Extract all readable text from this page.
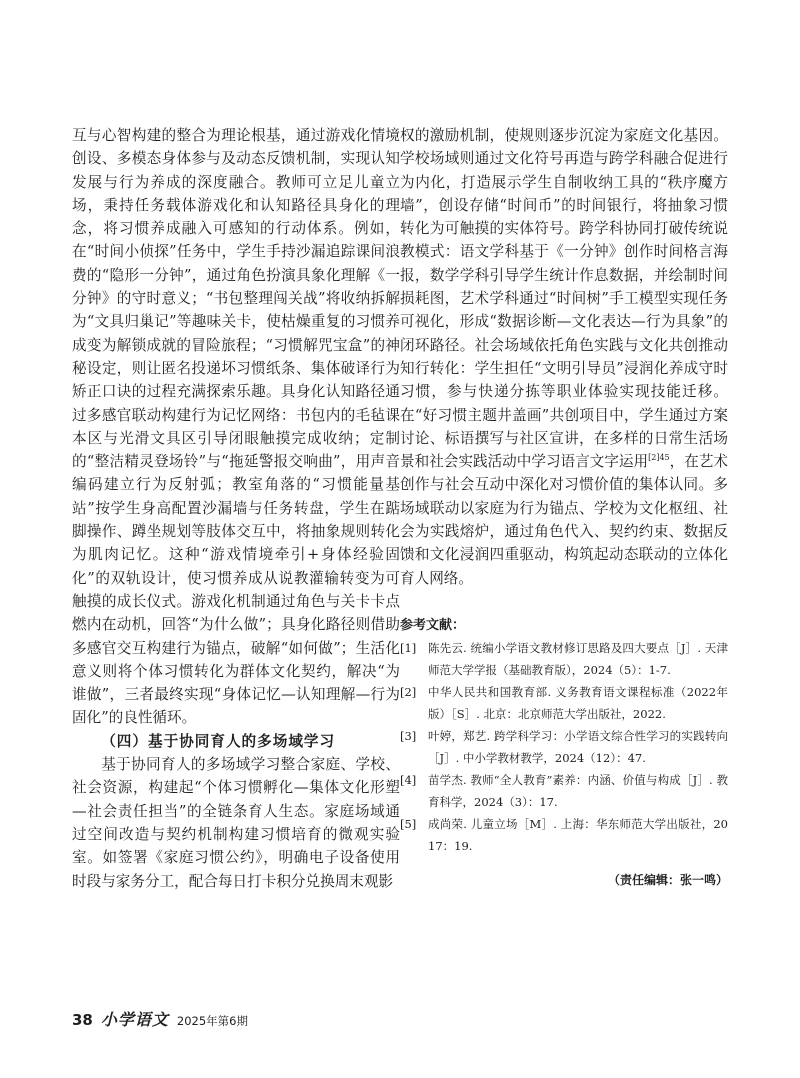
互与心智构建的整合为理论根基，通过游戏化情境创设、多模态身体参与及动态反馈机制，实现认知发展与行为养成的深度融合。教师可立足儿童立场，秉持任务载体游戏化和认知路径具身化的理念，将习惯养成融入可感知的行动体系。例如，在“时间小侦探”任务中，学生手持沙漏追踪课间浪费的“隐形一分钟”，通过角色扮演具象化理解《一分钟》的守时意义；“书包整理闯关战”将收纳拆解为“文具归巢记”等趣味关卡，使枯燥重复的习惯养成变为解锁成就的冒险旅程；“习惯解咒宝盒”的神秘设定，则让匿名投递坏习惯纸条、集体破译行为矫正口诀的过程充满探索乐趣。具身化认知路径通过多感官联动构建行为记忆网络：书包内的毛毡课本区与光滑文具区引导闭眼触摸完成收纳；定制的“整洁精灵登场铃”与“拖延警报交响曲”，用声音编码建立行为反射弧；教室角落的“习惯能量基站”按学生身高配置沙漏墙与任务转盘，学生在踮脚操作、蹲坐规划等肢体交互中，将抽象规则转化为肌肉记忆。这种“游戏情境牵引+身体经验固化”的双轨设计，使习惯养成从说教灌输转变为可触摸的成长仪式。游戏化机制通过角色与关卡卡点燃内在动机，回答“为什么做”；具身化路径则借助多感官交互构建行为锚点，破解“如何做”；生活化意义则将个体习惯转化为群体文化契约，解决“为谁做”，三者最终实现“身体记忆—认知理解—行为固化”的良性循环。

（四）基于协同育人的多场域学习

基于协同育人的多场域学习整合家庭、学校、社会资源，构建起“个体习惯孵化—集体文化形塑—社会责任担当”的全链条育人生态。家庭场域通过空间改造与契约机制构建习惯培育的微观实验室。如签署《家庭习惯公约》，明确电子设备使用时段与家务分工，配合每日打卡积分兑换周末观影

权的激励机制，使规则逐步沉淀为家庭文化基因。学校场域则通过文化符号再造与跨学科融合促进行为内化，打造展示学生自制收纳工具的“秩序魔方墙”，创设存储“时间币”的时间银行，将抽象习惯转化为可触摸的实体符号。跨学科协同打破传统说教模式：语文学科基于《一分钟》创作时间格言海报，数学学科引导学生统计作息数据，并绘制时间损耗图，艺术学科通过“时间树”手工模型实现任务可视化，形成“数据诊断—文化表达—行为具象”的闭环路径。社会场域依托角色实践与文化共创推动知行转化：学生担任“文明引导员”浸润化养成守时习惯，参与快递分拣等职业体验实现技能迁移。在“好习惯主题井盖画”共创项目中，学生通过方案讨论、标语撰写与社区宣讲，在多样的日常生活场景和社会实践活动中学习语言文字运用$^{[2]45}$，在艺术创作与社会互动中深化对习惯价值的集体认同。多场域联动以家庭为行为锚点、学校为文化枢纽、社会为实践熔炉，通过角色代入、契约约束、数据反馈和文化浸润四重驱动，构筑起动态联动的立体化育人网络。

参考文献：
[1]	陈先云. 统编小学语文教材修订思路及四大要点［J］. 天津师范大学学报（基础教育版），2024（5）：1-7.
[2]	中华人民共和国教育部. 义务教育语文课程标准（2022年版）［S］. 北京：北京师范大学出版社，2022.
[3]	叶婷，郑艺. 跨学科学习：小学语文综合性学习的实践转向［J］. 中小学教材教学，2024（12）：47.
[4]	苗学杰. 教师“全人教育”素养：内涵、价值与构成［J］. 教育科学，2024（3）：17.
[5]	成尚荣. 儿童立场［M］. 上海：华东师范大学出版社，2017：19.
（责任编辑：张一鸣）
38 小学语文 2025年第6期
